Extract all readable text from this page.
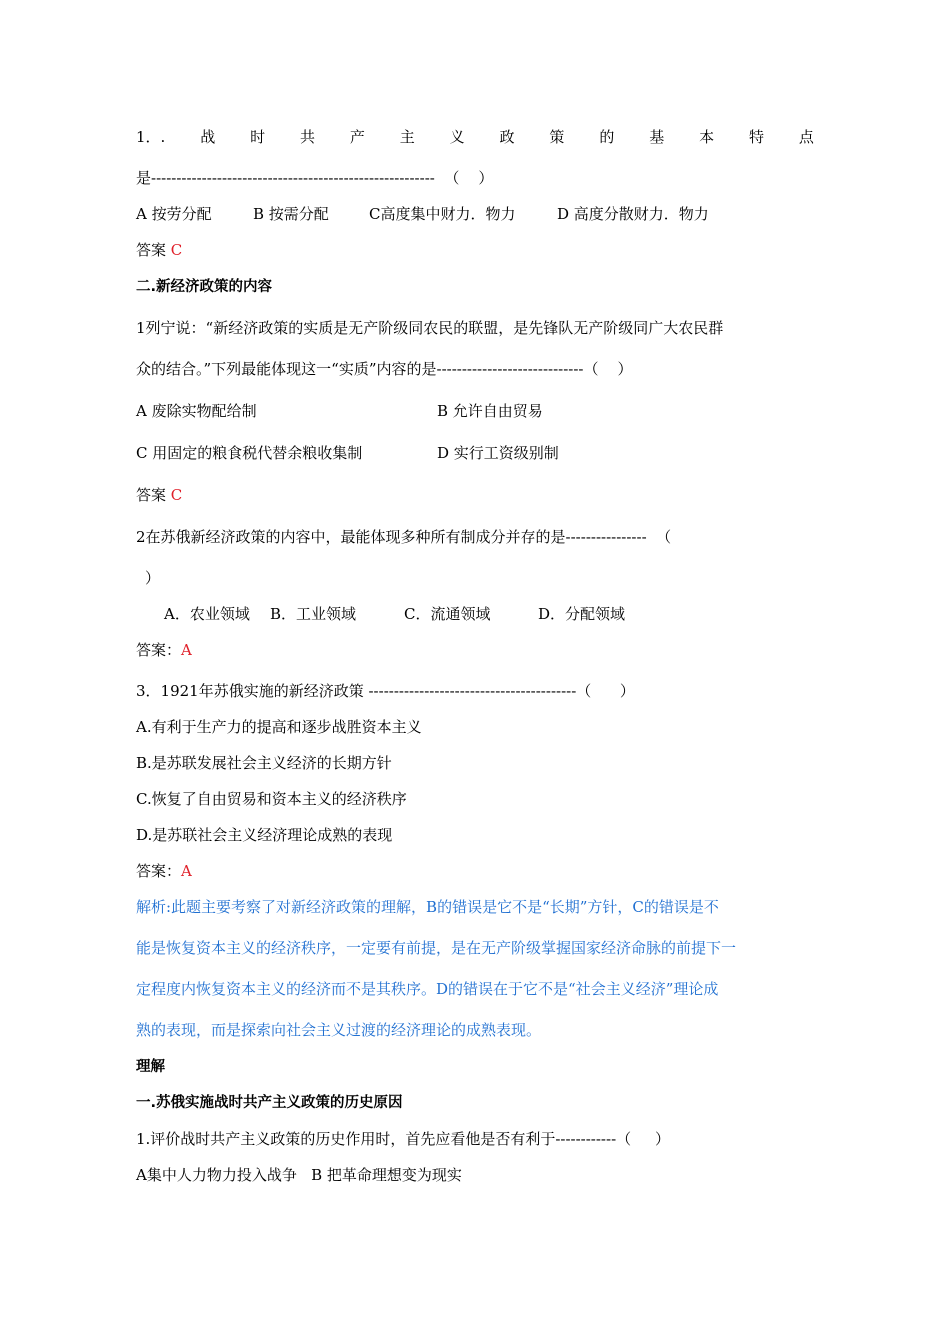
1．. 战 时 共 产 主 义 政 策 的 基 本 特 点
是--------------------------------------------------------  （    ）
A 按劳分配	B 按需分配	C高度集中财力．物力	D 高度分散财力．物力
答案 C
二.新经济政策的内容
1列宁说：“新经济政策的实质是无产阶级同农民的联盟，是先锋队无产阶级同广大农民群
众的结合。”下列最能体现这一“实质”内容的是-----------------------------（    ）
A 废除实物配给制	B 允许自由贸易
C 用固定的粮食税代替余粮收集制	D 实行工资级别制
答案 C
2在苏俄新经济政策的内容中，最能体现多种所有制成分并存的是----------------  （
）
A．农业领域 B．工业领域	C．流通领域	D．分配领域
答案：A
3．1921年苏俄实施的新经济政策 -----------------------------------------（      ）
A.有利于生产力的提高和逐步战胜资本主义
B.是苏联发展社会主义经济的长期方针
C.恢复了自由贸易和资本主义的经济秩序
D.是苏联社会主义经济理论成熟的表现
答案：A
解析:此题主要考察了对新经济政策的理解，B的错误是它不是“长期”方针，C的错误是不
能是恢复资本主义的经济秩序，一定要有前提，是在无产阶级掌握国家经济命脉的前提下一
定程度内恢复资本主义的经济而不是其秩序。D的错误在于它不是“社会主义经济”理论成
熟的表现，而是探索向社会主义过渡的经济理论的成熟表现。
理解
一.苏俄实施战时共产主义政策的历史原因
1.评价战时共产主义政策的历史作用时，首先应看他是否有利于------------（     ）
A集中人力物力投入战争   B 把革命理想变为现实
